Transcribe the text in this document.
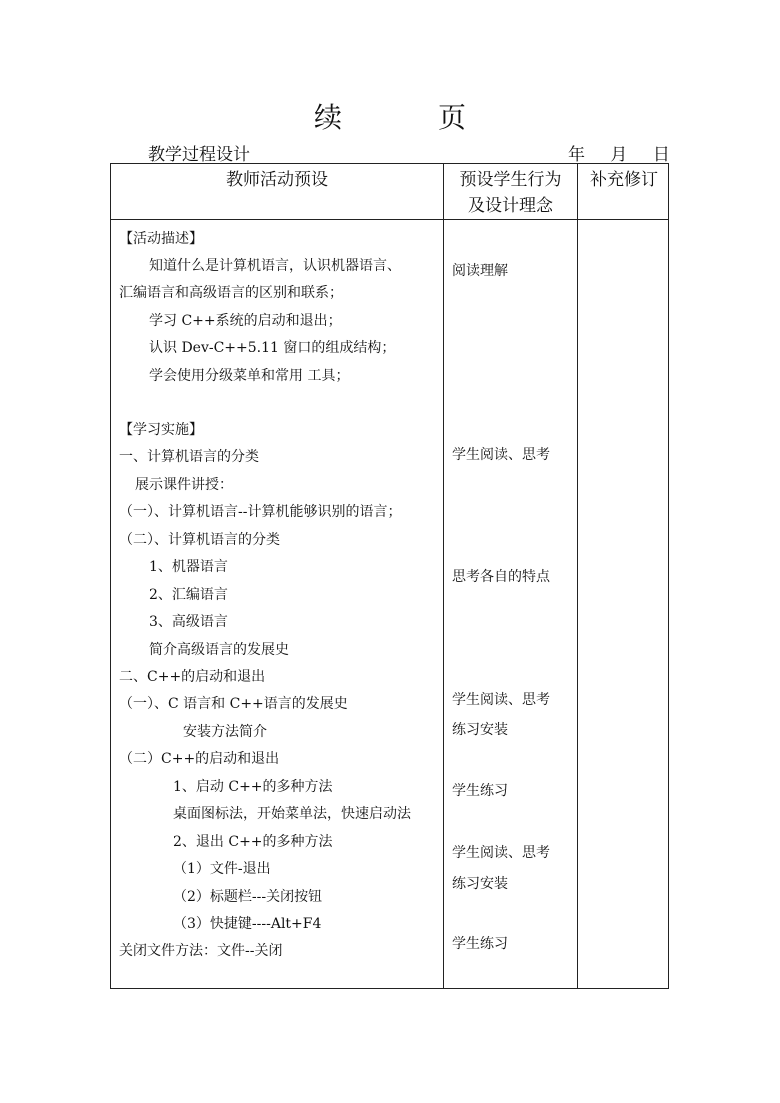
续　页
教学过程设计	年 月 日
教师活动预设	预设学生行为
及设计理念
补充修订
【活动描述】
知道什么是计算机语言，认识机器语言、
汇编语言和高级语言的区别和联系；
学习 C++系统的启动和退出；
认识 Dev-C++5.11 窗口的组成结构；
学会使用分级菜单和常用 工具；
【学习实施】
一、计算机语言的分类
展示课件讲授：
（一）、计算机语言--计算机能够识别的语言；
（二）、计算机语言的分类
1、机器语言
2、汇编语言
3、高级语言
简介高级语言的发展史
二、C++的启动和退出
（一）、C 语言和 C++语言的发展史
安装方法简介
（二）C++的启动和退出
1、启动 C++的多种方法
桌面图标法，开始菜单法，快速启动法
2、退出 C++的多种方法
（1）文件-退出
（2）标题栏---关闭按钮
（3）快捷键----Alt+F4
关闭文件方法：文件--关闭
阅读理解
学生阅读、思考
思考各自的特点
学生阅读、思考
练习安装
学生练习
学生阅读、思考
练习安装
学生练习
